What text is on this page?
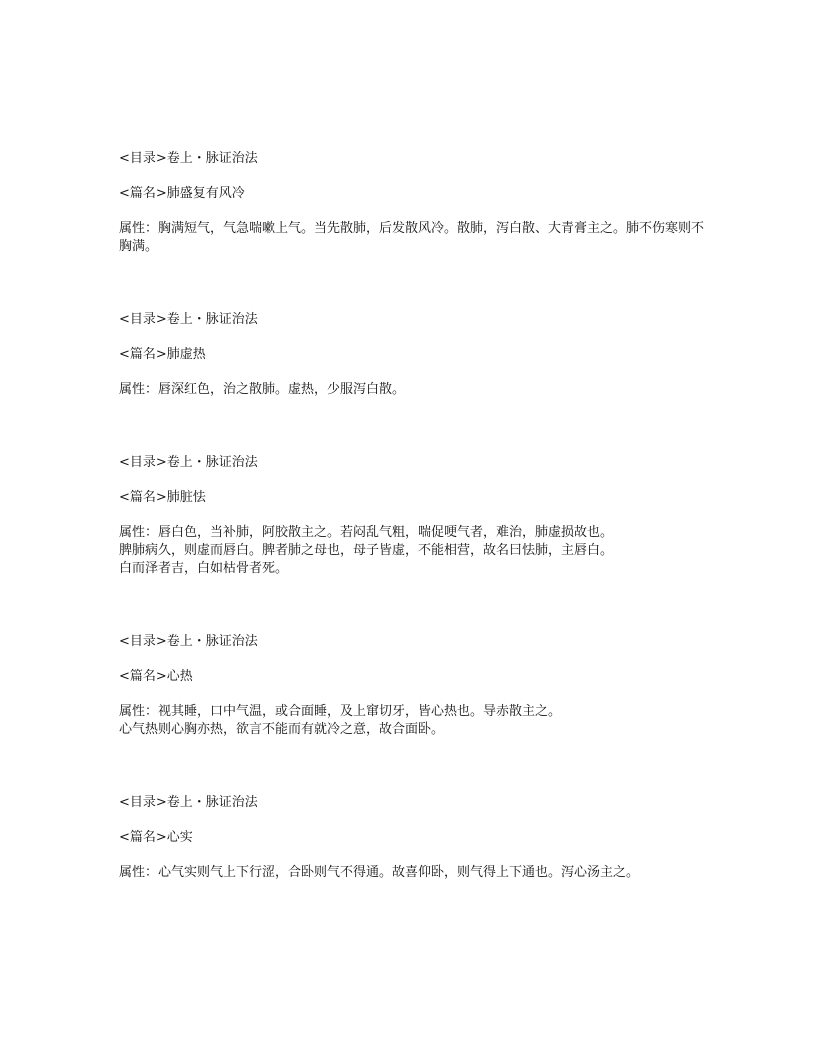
<目录>卷上・脉证治法

<篇名>肺盛复有风冷

属性：胸满短气，气急喘嗽上气。当先散肺，后发散风冷。散肺，泻白散、大青膏主之。肺不伤寒则不胸满。

<目录>卷上・脉证治法

<篇名>肺虚热

属性：唇深红色，治之散肺。虚热，少服泻白散。

<目录>卷上・脉证治法

<篇名>肺脏怯

属性：唇白色，当补肺，阿胶散主之。若闷乱气粗，喘促哽气者，难治，肺虚损故也。

脾肺病久，则虚而唇白。脾者肺之母也，母子皆虚，不能相营，故名曰怯肺，主唇白。

白而泽者吉，白如枯骨者死。

<目录>卷上・脉证治法

<篇名>心热

属性：视其睡，口中气温，或合面睡，及上窜切牙，皆心热也。导赤散主之。

心气热则心胸亦热，欲言不能而有就冷之意，故合面卧。

<目录>卷上・脉证治法

<篇名>心实

属性：心气实则气上下行涩，合卧则气不得通。故喜仰卧，则气得上下通也。泻心汤主之。
